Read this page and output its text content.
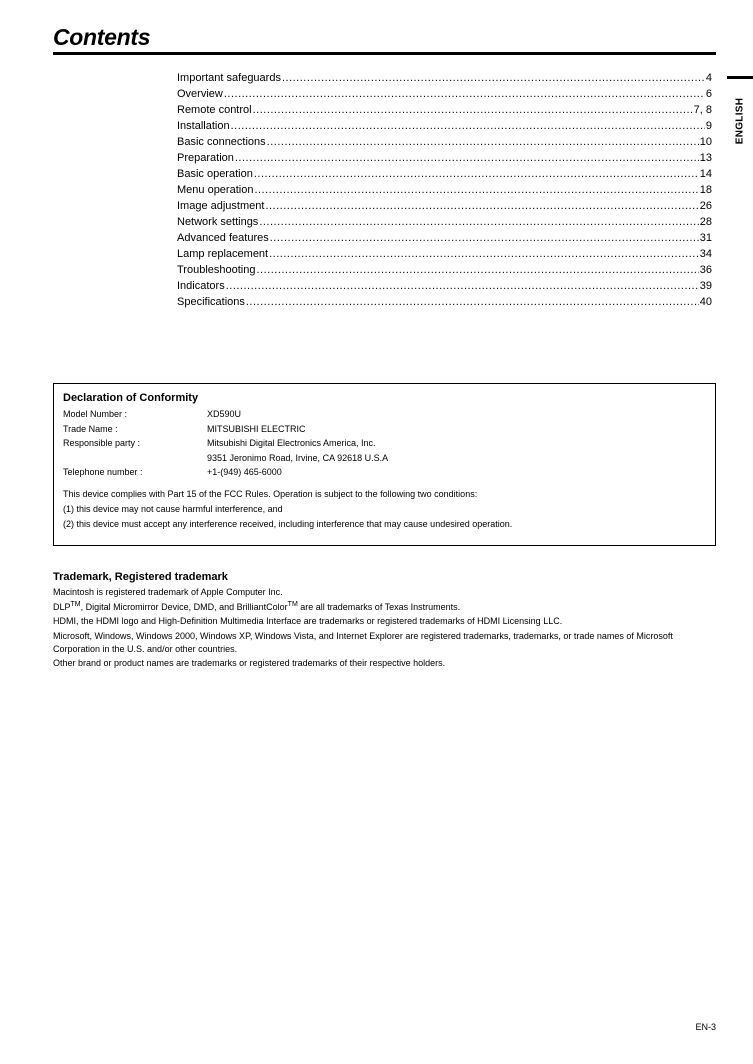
Contents
ENGLISH
Important safeguards .....	4
Overview .....	6
Remote control .....	7, 8
Installation .....	9
Basic connections .....	10
Preparation .....	13
Basic operation .....	14
Menu operation .....	18
Image adjustment .....	26
Network settings .....	28
Advanced features .....	31
Lamp replacement .....	34
Troubleshooting .....	36
Indicators .....	39
Specifications .....	40
Declaration of Conformity
Model Number :	XD590U
Trade Name :	MITSUBISHI ELECTRIC
Responsible party :	Mitsubishi Digital Electronics America, Inc.
9351 Jeronimo Road, Irvine, CA 92618 U.S.A
Telephone number :	+1-(949) 465-6000
This device complies with Part 15 of the FCC Rules. Operation is subject to the following two conditions:
(1) this device may not cause harmful interference, and
(2) this device must accept any interference received, including interference that may cause undesired operation.
Trademark, Registered trademark

Macintosh is registered trademark of Apple Computer Inc.

DLP™, Digital Micromirror Device, DMD, and BrilliantColor™ are all trademarks of Texas Instruments.

HDMI, the HDMI logo and High-Definition Multimedia Interface are trademarks or registered trademarks of HDMI Licensing LLC.

Microsoft, Windows, Windows 2000, Windows XP, Windows Vista, and Internet Explorer are registered trademarks, trademarks, or trade names of Microsoft Corporation in the U.S. and/or other countries.

Other brand or product names are trademarks or registered trademarks of their respective holders.

EN-3
